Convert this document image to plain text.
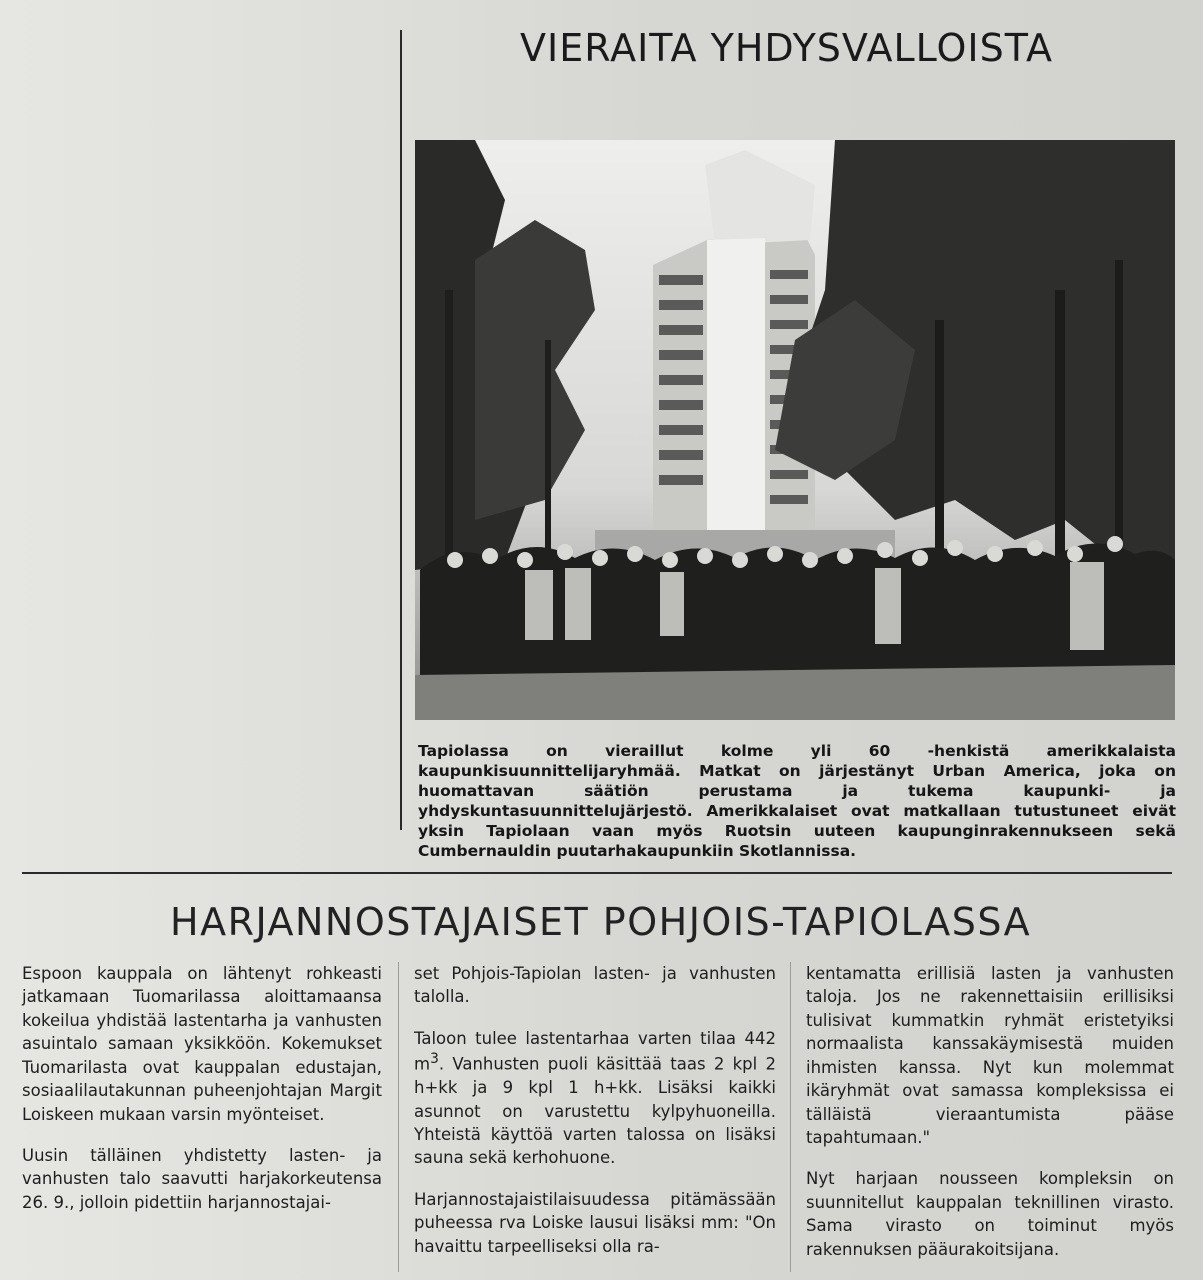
VIERAITA YHDYSVALLOISTA

Tapiolassa on vieraillut kolme yli 60 -henkistä amerikkalaista kaupunkisuunnittelijaryhmää. Matkat on järjestänyt Urban America, joka on huomattavan säätiön perustama ja tukema kaupunki- ja yhdyskuntasuunnittelujärjestö. Amerikkalaiset ovat matkallaan tutustuneet eivät yksin Tapiolaan vaan myös Ruotsin uuteen kaupunginrakennukseen sekä Cumbernauldin puutarhakaupunkiin Skotlannissa.

HARJANNOSTAJAISET POHJOIS-TAPIOLASSA

Espoon kauppala on lähtenyt rohkeasti jatkamaan Tuomarilassa aloittamaansa kokeilua yhdistää lastentarha ja vanhusten asuintalo samaan yksikköön. Kokemukset Tuomarilasta ovat kauppalan edustajan, sosiaalilautakunnan puheenjohtajan Margit Loiskeen mukaan varsin myönteiset.

Uusin tälläinen yhdistetty lasten- ja vanhusten talo saavutti harjakorkeutensa 26. 9., jolloin pidettiin harjannostajai-

set Pohjois-Tapiolan lasten- ja vanhusten talolla.

Taloon tulee lastentarhaa varten tilaa 442 $m^3$. Vanhusten puoli käsittää taas 2 kpl 2 h+kk ja 9 kpl 1 h+kk. Lisäksi kaikki asunnot on varustettu kylpyhuoneilla. Yhteistä käyttöä varten talossa on lisäksi sauna sekä kerhohuone.

Harjannostajaistilaisuudessa pitämässään puheessa rva Loiske lausui lisäksi mm: "On havaittu tarpeelliseksi olla ra-

kentamatta erillisiä lasten ja vanhusten taloja. Jos ne rakennettaisiin erillisiksi tulisivat kummatkin ryhmät eristetyiksi normaalista kanssakäymisestä muiden ihmisten kanssa. Nyt kun molemmat ikäryhmät ovat samassa kompleksissa ei tälläistä vieraantumista pääse tapahtumaan."

Nyt harjaan nousseen kompleksin on suunnitellut kauppalan teknillinen virasto. Sama virasto on toiminut myös rakennuksen pääurakoitsijana.
